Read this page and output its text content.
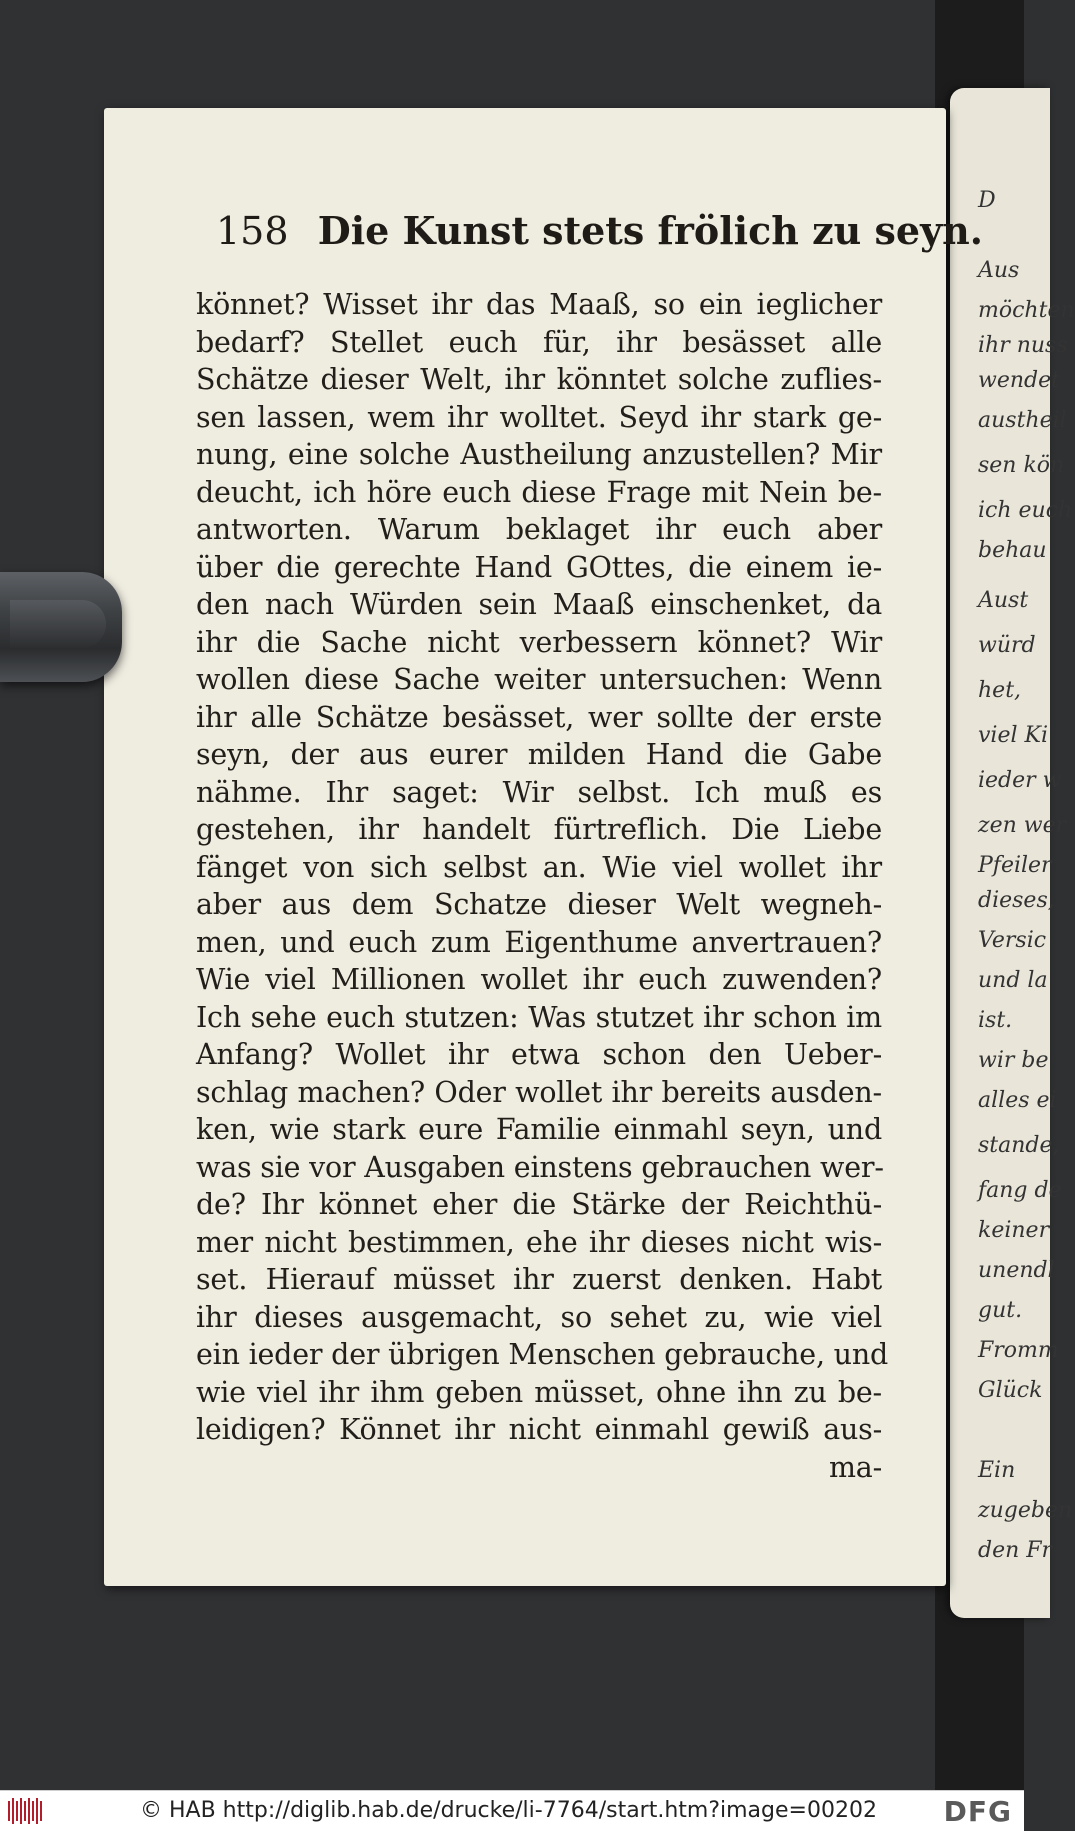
D
Aus
möchten
ihr nuss
wendet
austheil
sen kön
ich euch
behau
Aust
würd
het,
viel Ki
ieder w
zen wer
Pfeiler
dieses,
Versic
und la
ist.
wir be
alles ei
stande,
fang de
keiner
unendl
gut.
Fromm
Glück
Ein
zugeben
den Fr
158 Die Kunst stets frölich zu seyn.
könnet? Wisset ihr das Maaß, so ein ieglicher
bedarf? Stellet euch für, ihr besässet alle
Schätze dieser Welt, ihr könntet solche zuflies-
sen lassen, wem ihr wolltet. Seyd ihr stark ge-
nung, eine solche Austheilung anzustellen? Mir
deucht, ich höre euch diese Frage mit Nein be-
antworten. Warum beklaget ihr euch aber
über die gerechte Hand GOttes, die einem ie-
den nach Würden sein Maaß einschenket, da
ihr die Sache nicht verbessern könnet? Wir
wollen diese Sache weiter untersuchen: Wenn
ihr alle Schätze besässet, wer sollte der erste
seyn, der aus eurer milden Hand die Gabe
nähme. Ihr saget: Wir selbst. Ich muß es
gestehen, ihr handelt fürtreflich. Die Liebe
fänget von sich selbst an. Wie viel wollet ihr
aber aus dem Schatze dieser Welt wegneh-
men, und euch zum Eigenthume anvertrauen?
Wie viel Millionen wollet ihr euch zuwenden?
Ich sehe euch stutzen: Was stutzet ihr schon im
Anfang? Wollet ihr etwa schon den Ueber-
schlag machen? Oder wollet ihr bereits ausden-
ken, wie stark eure Familie einmahl seyn, und
was sie vor Ausgaben einstens gebrauchen wer-
de? Ihr könnet eher die Stärke der Reichthü-
mer nicht bestimmen, ehe ihr dieses nicht wis-
set. Hierauf müsset ihr zuerst denken. Habt
ihr dieses ausgemacht, so sehet zu, wie viel
ein ieder der übrigen Menschen gebrauche, und
wie viel ihr ihm geben müsset, ohne ihn zu be-
leidigen? Könnet ihr nicht einmahl gewiß aus-
ma-
© HAB http://diglib.hab.de/drucke/li-7764/start.htm?image=00202 DFG
